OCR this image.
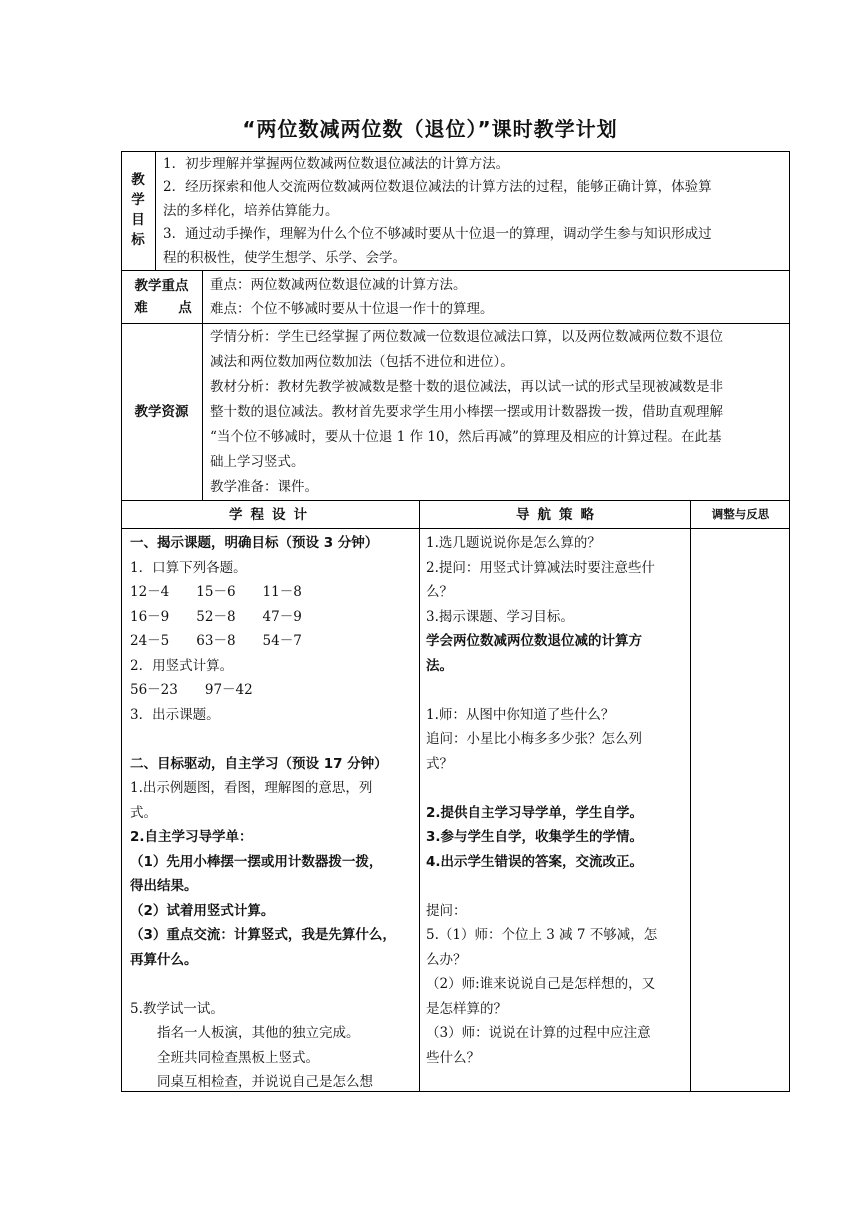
“两位数减两位数（退位）”课时教学计划
教
学
目
标
1．初步理解并掌握两位数减两位数退位减法的计算方法。
2．经历探索和他人交流两位数减两位数退位减法的计算方法的过程，能够正确计算，体验算
法的多样化，培养估算能力。
3．通过动手操作，理解为什么个位不够减时要从十位退一的算理，调动学生参与知识形成过
程的积极性，使学生想学、乐学、会学。
教学重点
难 点
重点：两位数减两位数退位减的计算方法。
难点：个位不够减时要从十位退一作十的算理。
教学资源
学情分析：学生已经掌握了两位数减一位数退位减法口算，以及两位数减两位数不退位
减法和两位数加两位数加法（包括不进位和进位）。
教材分析：教材先教学被减数是整十数的退位减法，再以试一试的形式呈现被减数是非
整十数的退位减法。教材首先要求学生用小棒摆一摆或用计数器拨一拨，借助直观理解
“当个位不够减时，要从十位退 1 作 10，然后再减”的算理及相应的计算过程。在此基
础上学习竖式。
教学准备：课件。
学程设计	导航策略	调整与反思
一、揭示课题，明确目标（预设 3 分钟）
1．口算下列各题。
12－4　　15－6　　11－8
16－9　　52－8　　47－9
24－5　　63－8　　54－7
2．用竖式计算。
56－23　　97－42
3．出示课题。
二、目标驱动，自主学习（预设 17 分钟）
1.出示例题图，看图，理解图的意思，列
式。
2.自主学习导学单：
（1）先用小棒摆一摆或用计数器拨一拨，
得出结果。
（2）试着用竖式计算。
（3）重点交流：计算竖式，我是先算什么，
再算什么。
5.教学试一试。
　　指名一人板演，其他的独立完成。
　　全班共同检查黑板上竖式。
　　同桌互相检查，并说说自己是怎么想
1.选几题说说你是怎么算的？
2.提问：用竖式计算减法时要注意些什
么？
3.揭示课题、学习目标。
学会两位数减两位数退位减的计算方
法。
1.师：从图中你知道了些什么？
追问：小星比小梅多多少张？怎么列
式？
2.提供自主学习导学单，学生自学。
3.参与学生自学，收集学生的学情。
4.出示学生错误的答案，交流改正。
提问：
5.（1）师：个位上 3 减 7 不够减，怎
么办？
（2）师:谁来说说自己是怎样想的，又
是怎样算的？
（3）师：说说在计算的过程中应注意
些什么？
